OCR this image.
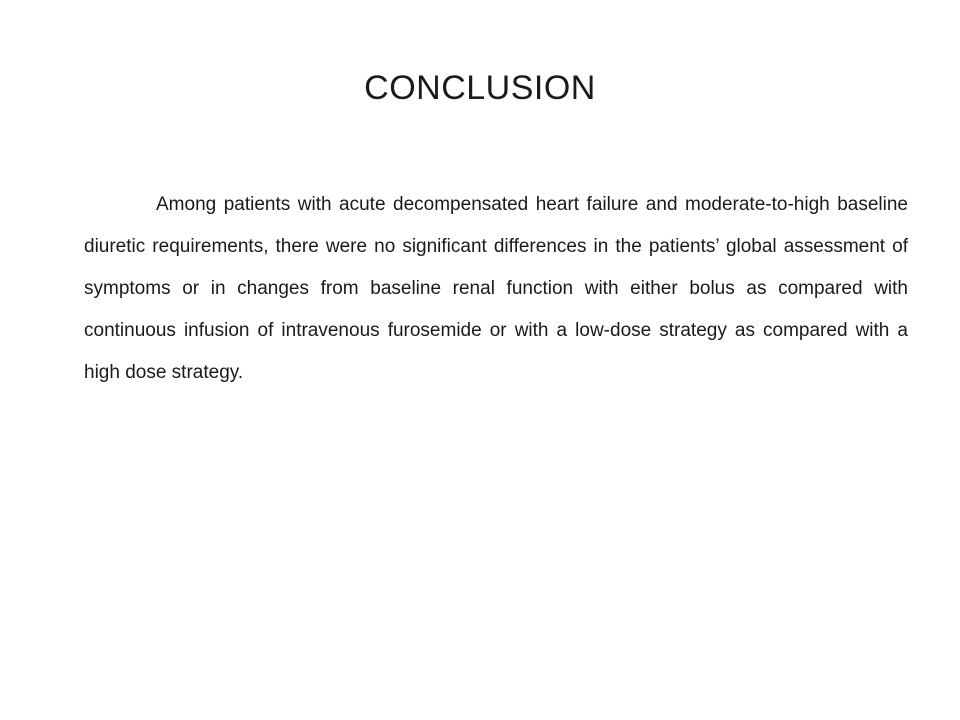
CONCLUSION

Among patients with acute decompensated heart failure and moderate-to-high baseline diuretic requirements, there were no significant differences in the patients’ global assessment of symptoms or in changes from baseline renal function with either bolus as compared with continuous infusion of intravenous furosemide or with a low-dose strategy as compared with a high dose strategy.
